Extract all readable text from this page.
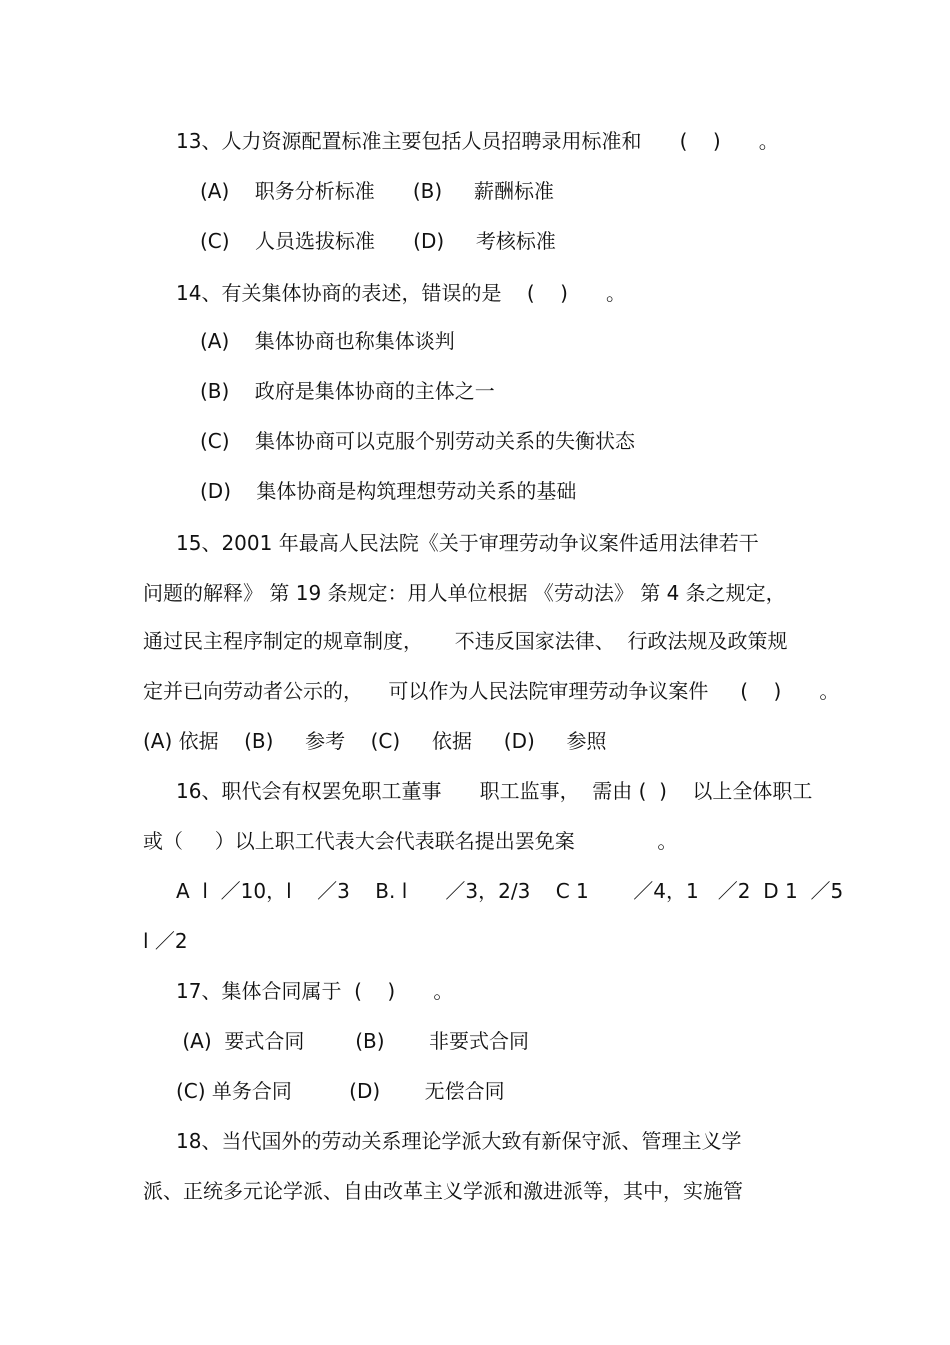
13、人力资源配置标准主要包括人员招聘录用标准和      (    )      。
(A)    职务分析标准      (B)     薪酬标准
(C)    人员选拔标准      (D)     考核标准
14、有关集体协商的表述，错误的是    (    )      。
(A)    集体协商也称集体谈判
(B)    政府是集体协商的主体之一
(C)    集体协商可以克服个别劳动关系的失衡状态
(D)    集体协商是构筑理想劳动关系的基础
15、2001 年最高人民法院《关于审理劳动争议案件适用法律若干
问题的解释》 第 19 条规定：用人单位根据 《劳动法》 第 4 条之规定，
通过民主程序制定的规章制度，     不违反国家法律、  行政法规及政策规
定并已向劳动者公示的，    可以作为人民法院审理劳动争议案件     (    )      。
(A) 依据    (B)     参考    (C)     依据     (D)     参照
16、职代会有权罢免职工董事      职工监事，  需由 (  )    以上全体职工
或（     ）以上职工代表大会代表联名提出罢免案             。
A  l  ／10，l    ／3    B. l      ／3，2/3    C 1       ／4，1   ／2  D 1  ／5
l ／2
17、集体合同属于  (    )      。
(A)  要式合同        (B)       非要式合同
(C) 单务合同         (D)       无偿合同
18、当代国外的劳动关系理论学派大致有新保守派、管理主义学
派、正统多元论学派、自由改革主义学派和激进派等，其中，实施管
